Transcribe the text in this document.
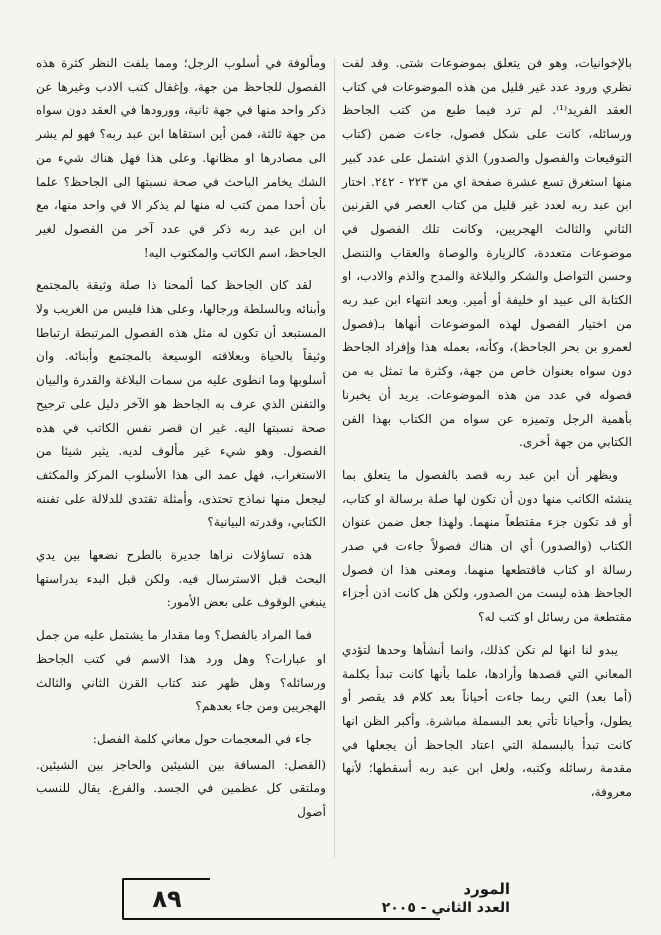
بالإخوانيات، وهو فن يتعلق بموضوعات شتى. وقد لفت نظري ورود عدد غير قليل من هذه الموضوعات في كتاب العقد الفريد⁽¹⁾. لم ترد فيما طبع من كتب الجاحظ ورسائله، كانت على شكل فصول، جاءت ضمن (كتاب التوقيعات والفصول والصدور) الذي اشتمل على عدد كبير منها استغرق تسع عشرة صفحة اي من ٢٢٣ - ٢٤٢. اختار ابن عبد ربه لعدد غير قليل من كتاب العصر في القرنين الثاني والثالث الهجريين، وكانت تلك الفصول في موضوعات متعددة، كالزيارة والوصاة والعقاب والتنصل وحسن التواصل والشكر والبلاغة والمدح والذم والادب، او الكتابة الى عبيد او خليفة أو أمير. وبعد انتهاء ابن عبد ربه من اختيار الفصول لهذه الموضوعات أنهاها بـ(فصول لعمرو بن بحر الجاحظ)، وكأنه، بعمله هذا وإفراد الجاحظ دون سواه بعنوان خاص من جهة، وكثرة ما تمثل به من فصوله في عدد من هذه الموضوعات. يريد أن يخبرنا بأهمية الرجل وتميزه عن سواه من الكتاب بهذا الفن الكتابي من جهة أخرى.

ويظهر أن ابن عبد ربه قصد بالفصول ما يتعلق بما ينشئه الكاتب منها دون أن تكون لها صلة برسالة او كتاب، أو قد تكون جزء مقتطعاً منهما. ولهذا جعل ضمن عنوان الكتاب (والصدور) أي ان هناك فصولاً جاءت في صدر رسالة او كتاب فاقتطعها منهما. ومعنى هذا ان فصول الجاحظ هذه ليست من الصدور، ولكن هل كانت اذن أجزاء مقتطعة من رسائل او كتب له؟

يبدو لنا انها لم تكن كذلك، وانما أنشأها وحدها لتؤدي المعاني التي قصدها وأرادها، علما بأنها كانت تبدأ بكلمة (أما بعد) التي ربما جاءت أحياناً بعد كلام قد يقصر أو يطول، وأحيانا تأتي بعد البسملة مباشرة. وأكبر الظن انها كانت تبدأ بالبسملة التي اعتاد الجاحظ أن يجعلها في مقدمة رسائله وكتبه، ولعل ابن عبد ربه أسقطها؛ لأنها معروفة،

ومألوفة في أسلوب الرجل؛ ومما يلفت النظر كثرة هذه الفصول للجاحظ من جهة، وإغفال كتب الادب وغيرها عن ذكر واحد منها في جهة ثانية، وورودها في العقد دون سواه من جهة ثالثة، فمن أين استقاها ابن عبد ربه؟ فهو لم يشر الى مصادرها او مظانها. وعلى هذا فهل هناك شيء من الشك يخامر الباحث في صحة نسبتها الى الجاحظ؟ علما بأن أحدا ممن كتب له منها لم يذكر الا في واحد منها، مع ان ابن عبد ربه ذكر في عدد آخر من الفصول لغير الجاحظ، اسم الكاتب والمكتوب اليه!

لقد كان الجاحظ كما ألمحنا ذا صلة وثيقة بالمجتمع وأبنائه وبالسلطة ورجالها، وعلى هذا فليس من الغريب ولا المستبعد أن تكون له مثل هذه الفصول المرتبطة ارتباطا وثيقاً بالحياة وبعلاقته الوسيعة بالمجتمع وأبنائه. وان أسلوبها وما انطوى عليه من سمات البلاغة والقدرة والبيان والتفنن الذي عرف به الجاحظ هو الآخر دليل على ترجيح صحة نسبتها اليه. غير ان قصر نفس الكاتب في هذه الفصول. وهو شيء غير مألوف لديه. يثير شيئا من الاستغراب، فهل عمد الى هذا الأسلوب المركز والمكثف ليجعل منها نماذج تحتذى، وأمثلة تقتدى للدلالة على تفننه الكتابي، وقدرته البيانية؟

هذه تساؤلات نراها جديرة بالطرح نضعها بين يدي البحث قبل الاسترسال فيه. ولكن قبل البدء بدراستها ينبغي الوقوف على بعض الأمور:

فما المراد بالفصل؟ وما مقدار ما يشتمل عليه من جمل او عبارات؟ وهل ورد هذا الاسم في كتب الجاحظ ورسائله؟ وهل ظهر عند كتاب القرن الثاني والثالث الهجريين ومن جاء بعدهم؟

جاء في المعجمات حول معاني كلمة الفصل:

(الفصل: المسافة بين الشيئين والحاجز بين الشيئين. وملتقى كل عظمين في الجسد. والفرع. يقال للنسب أصول

٨٩	المورد
العدد الثاني - ٢٠٠٥
